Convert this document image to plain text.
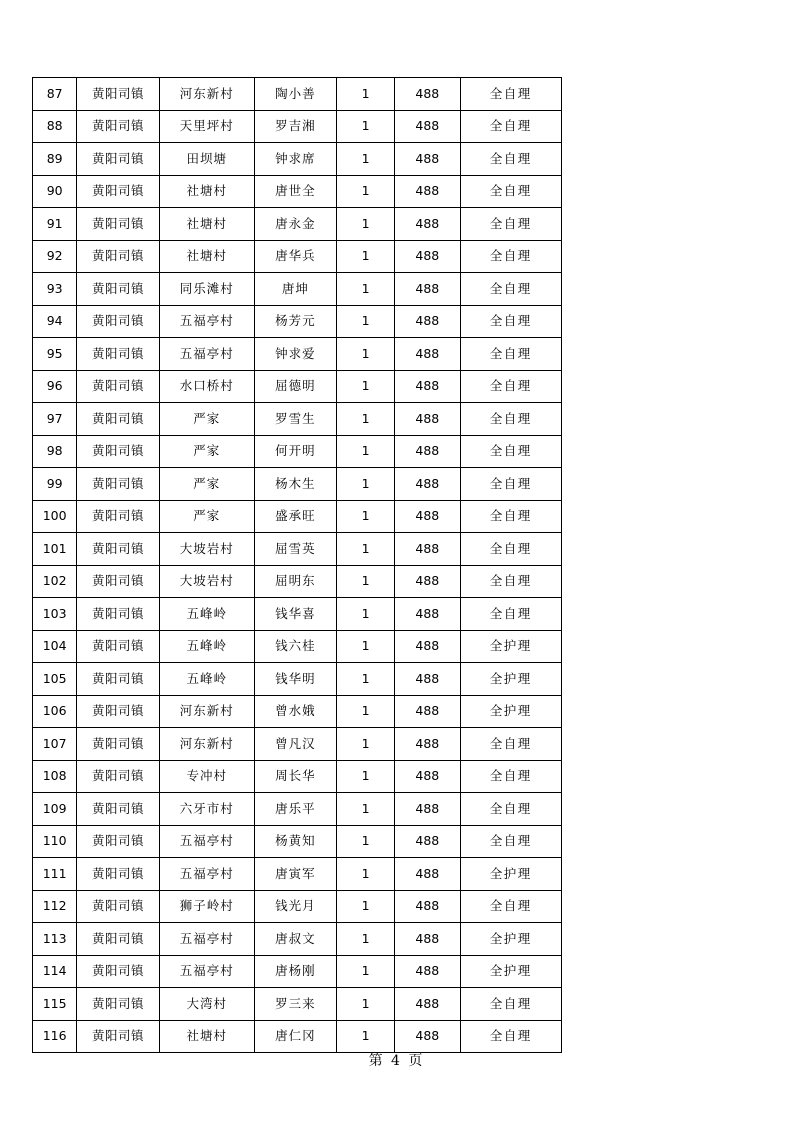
87	黄阳司镇	河东新村	陶小善	1	488	全自理
88	黄阳司镇	天里坪村	罗吉湘	1	488	全自理
89	黄阳司镇	田坝塘	钟求席	1	488	全自理
90	黄阳司镇	社塘村	唐世全	1	488	全自理
91	黄阳司镇	社塘村	唐永金	1	488	全自理
92	黄阳司镇	社塘村	唐华兵	1	488	全自理
93	黄阳司镇	同乐滩村	唐坤	1	488	全自理
94	黄阳司镇	五福亭村	杨芳元	1	488	全自理
95	黄阳司镇	五福亭村	钟求爱	1	488	全自理
96	黄阳司镇	水口桥村	屈德明	1	488	全自理
97	黄阳司镇	严家	罗雪生	1	488	全自理
98	黄阳司镇	严家	何开明	1	488	全自理
99	黄阳司镇	严家	杨木生	1	488	全自理
100	黄阳司镇	严家	盛承旺	1	488	全自理
101	黄阳司镇	大坡岩村	屈雪英	1	488	全自理
102	黄阳司镇	大坡岩村	屈明东	1	488	全自理
103	黄阳司镇	五峰岭	钱华喜	1	488	全自理
104	黄阳司镇	五峰岭	钱六桂	1	488	全护理
105	黄阳司镇	五峰岭	钱华明	1	488	全护理
106	黄阳司镇	河东新村	曾水娥	1	488	全护理
107	黄阳司镇	河东新村	曾凡汉	1	488	全自理
108	黄阳司镇	专冲村	周长华	1	488	全自理
109	黄阳司镇	六牙市村	唐乐平	1	488	全自理
110	黄阳司镇	五福亭村	杨黄知	1	488	全自理
111	黄阳司镇	五福亭村	唐寅军	1	488	全护理
112	黄阳司镇	狮子岭村	钱光月	1	488	全自理
113	黄阳司镇	五福亭村	唐叔文	1	488	全护理
114	黄阳司镇	五福亭村	唐杨刚	1	488	全护理
115	黄阳司镇	大湾村	罗三来	1	488	全自理
116	黄阳司镇	社塘村	唐仁冈	1	488	全自理
第 4 页
